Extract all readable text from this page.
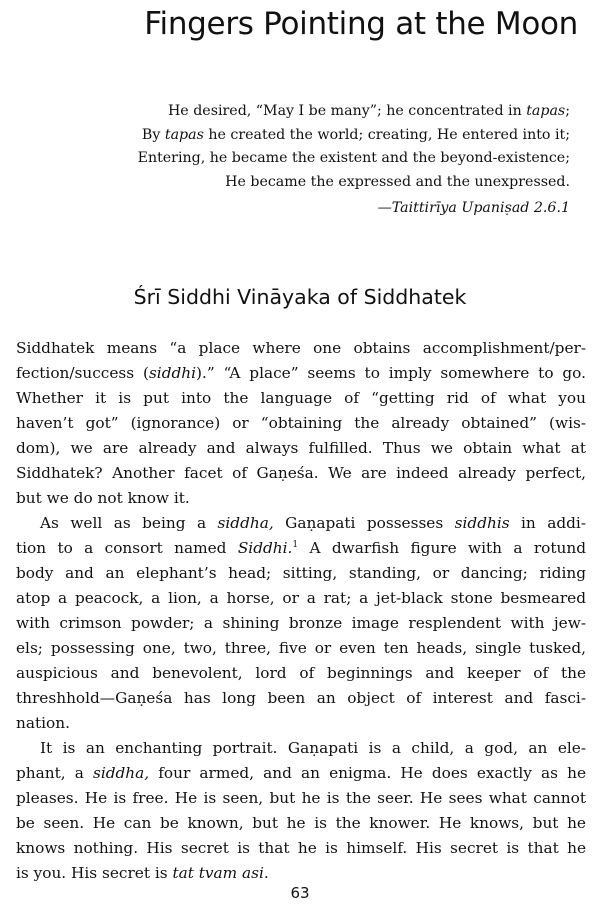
Fingers Pointing at the Moon
He desired, “May I be many”; he concentrated in tapas;
By tapas he created the world; creating, He entered into it;
Entering, he became the existent and the beyond-existence;
He became the expressed and the unexpressed.
—Taittirīya Upaniṣad 2.6.1
Śrī Siddhi Vināyaka of Siddhatek
Siddhatek means “a place where one obtains accomplishment/per-
fection/success (siddhi).” “A place” seems to imply somewhere to go.
Whether it is put into the language of “getting rid of what you
haven’t got” (ignorance) or “obtaining the already obtained” (wis-
dom), we are already and always fulfilled. Thus we obtain what at
Siddhatek? Another facet of Gaṇeśa. We are indeed already perfect,
but we do not know it.
As well as being a siddha, Gaṇapati possesses siddhis in addi-
tion to a consort named Siddhi.$^1$ A dwarfish figure with a rotund
body and an elephant’s head; sitting, standing, or dancing; riding
atop a peacock, a lion, a horse, or a rat; a jet-black stone besmeared
with crimson powder; a shining bronze image resplendent with jew-
els; possessing one, two, three, five or even ten heads, single tusked,
auspicious and benevolent, lord of beginnings and keeper of the
threshhold—Gaṇeśa has long been an object of interest and fasci-
nation.
It is an enchanting portrait. Gaṇapati is a child, a god, an ele-
phant, a siddha, four armed, and an enigma. He does exactly as he
pleases. He is free. He is seen, but he is the seer. He sees what cannot
be seen. He can be known, but he is the knower. He knows, but he
knows nothing. His secret is that he is himself. His secret is that he
is you. His secret is tat tvam asi.
63
